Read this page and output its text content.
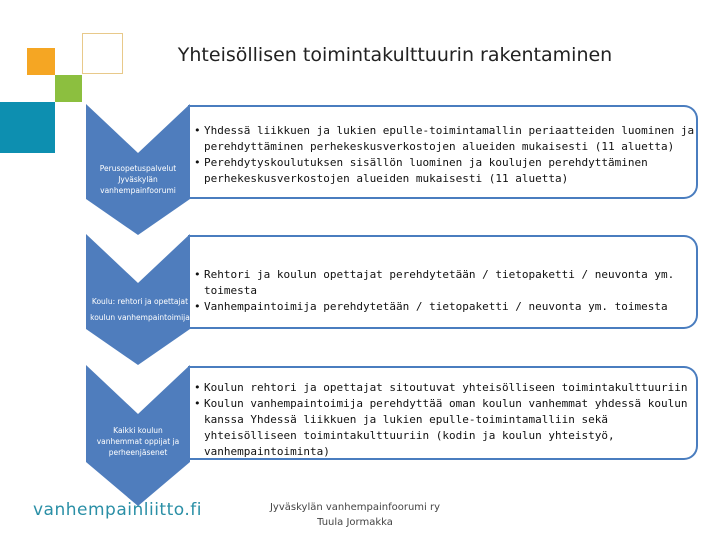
Yhteisöllisen toimintakulttuurin rakentaminen
• Yhdessä liikkuen ja lukien epulle-toimintamallin periaatteiden luominen ja perehdyttäminen perhekeskusverkostojen alueiden mukaisesti (11 aluetta)
• Perehdytyskoulutuksen sisällön luominen ja koulujen perehdyttäminen perhekeskusverkostojen alueiden mukaisesti (11 aluetta)
• Rehtori ja koulun opettajat perehdytetään / tietopaketti / neuvonta ym. toimesta
• Vanhempaintoimija perehdytetään / tietopaketti / neuvonta ym. toimesta
• Koulun rehtori ja opettajat sitoutuvat yhteisölliseen toimintakulttuuriin
• Koulun vanhempaintoimija perehdyttää oman koulun vanhemmat yhdessä koulun kanssa Yhdessä liikkuen ja lukien epulle-toimintamalliin sekä yhteisölliseen toimintakulttuuriin (kodin ja koulun yhteistyö, vanhempaintoiminta)
Perusopetuspalvelut Jyväskylän vanhempainfoorumi
Koulu: rehtori ja opettajat koulun vanhempaintoimija
Kaikki koulun vanhemmat oppijat ja perheenjäsenet
vanhempainliitto.fi	Jyväskylän vanhempainfoorumi ry
Tuula Jormakka
